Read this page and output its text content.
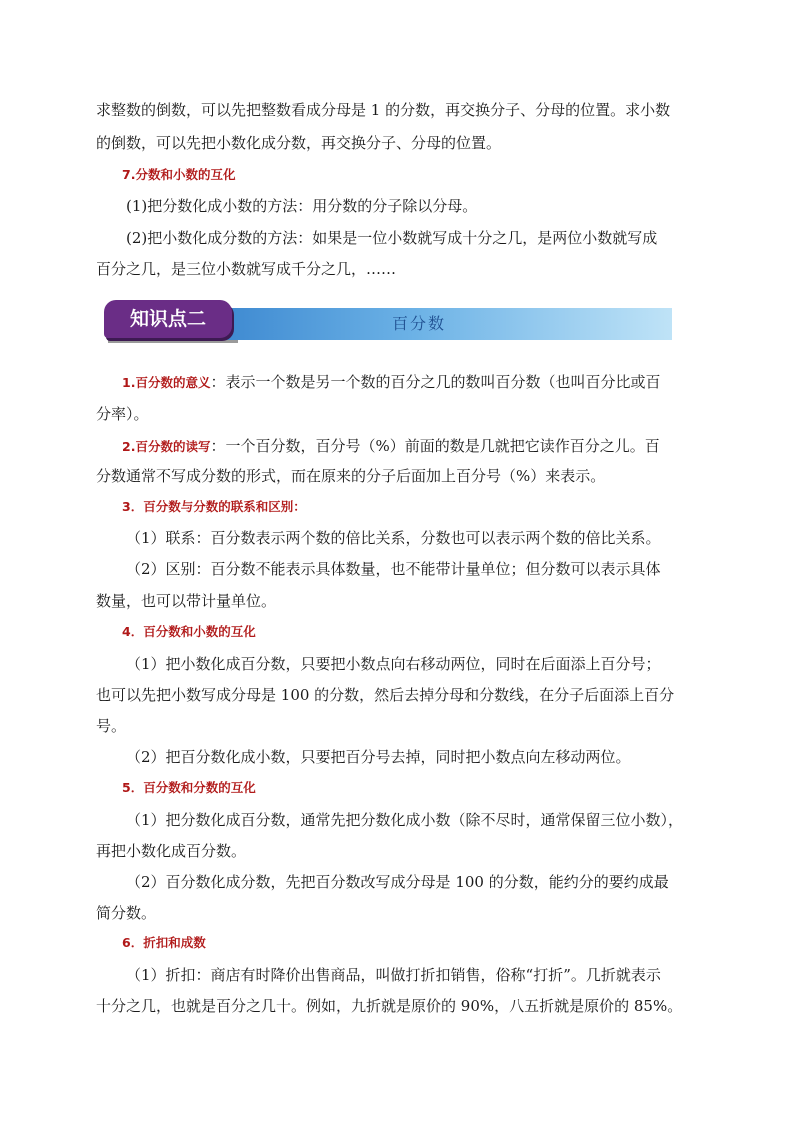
求整数的倒数，可以先把整数看成分母是 1 的分数，再交换分子、分母的位置。求小数
的倒数，可以先把小数化成分数，再交换分子、分母的位置。
7.分数和小数的互化
(1)把分数化成小数的方法：用分数的分子除以分母。
(2)把小数化成分数的方法：如果是一位小数就写成十分之几，是两位小数就写成
百分之几，是三位小数就写成千分之几，……
百分数
知识点二
1.百分数的意义：表示一个数是另一个数的百分之几的数叫百分数（也叫百分比或百
分率）。
2.百分数的读写：一个百分数，百分号（%）前面的数是几就把它读作百分之儿。百
分数通常不写成分数的形式，而在原来的分子后面加上百分号（%）来表示。
3．百分数与分数的联系和区别：
（1）联系：百分数表示两个数的倍比关系，分数也可以表示两个数的倍比关系。
（2）区别：百分数不能表示具体数量，也不能带计量单位；但分数可以表示具体
数量，也可以带计量单位。
4．百分数和小数的互化
（1）把小数化成百分数，只要把小数点向右移动两位，同时在后面添上百分号；
也可以先把小数写成分母是 100 的分数，然后去掉分母和分数线，在分子后面添上百分
号。
（2）把百分数化成小数，只要把百分号去掉，同时把小数点向左移动两位。
5．百分数和分数的互化
（1）把分数化成百分数，通常先把分数化成小数（除不尽时，通常保留三位小数），
再把小数化成百分数。
（2）百分数化成分数，先把百分数改写成分母是 100 的分数，能约分的要约成最
简分数。
6．折扣和成数
（1）折扣：商店有时降价出售商品，叫做打折扣销售，俗称“打折”。几折就表示
十分之几，也就是百分之几十。例如，九折就是原价的 90%，八五折就是原价的 85%。
